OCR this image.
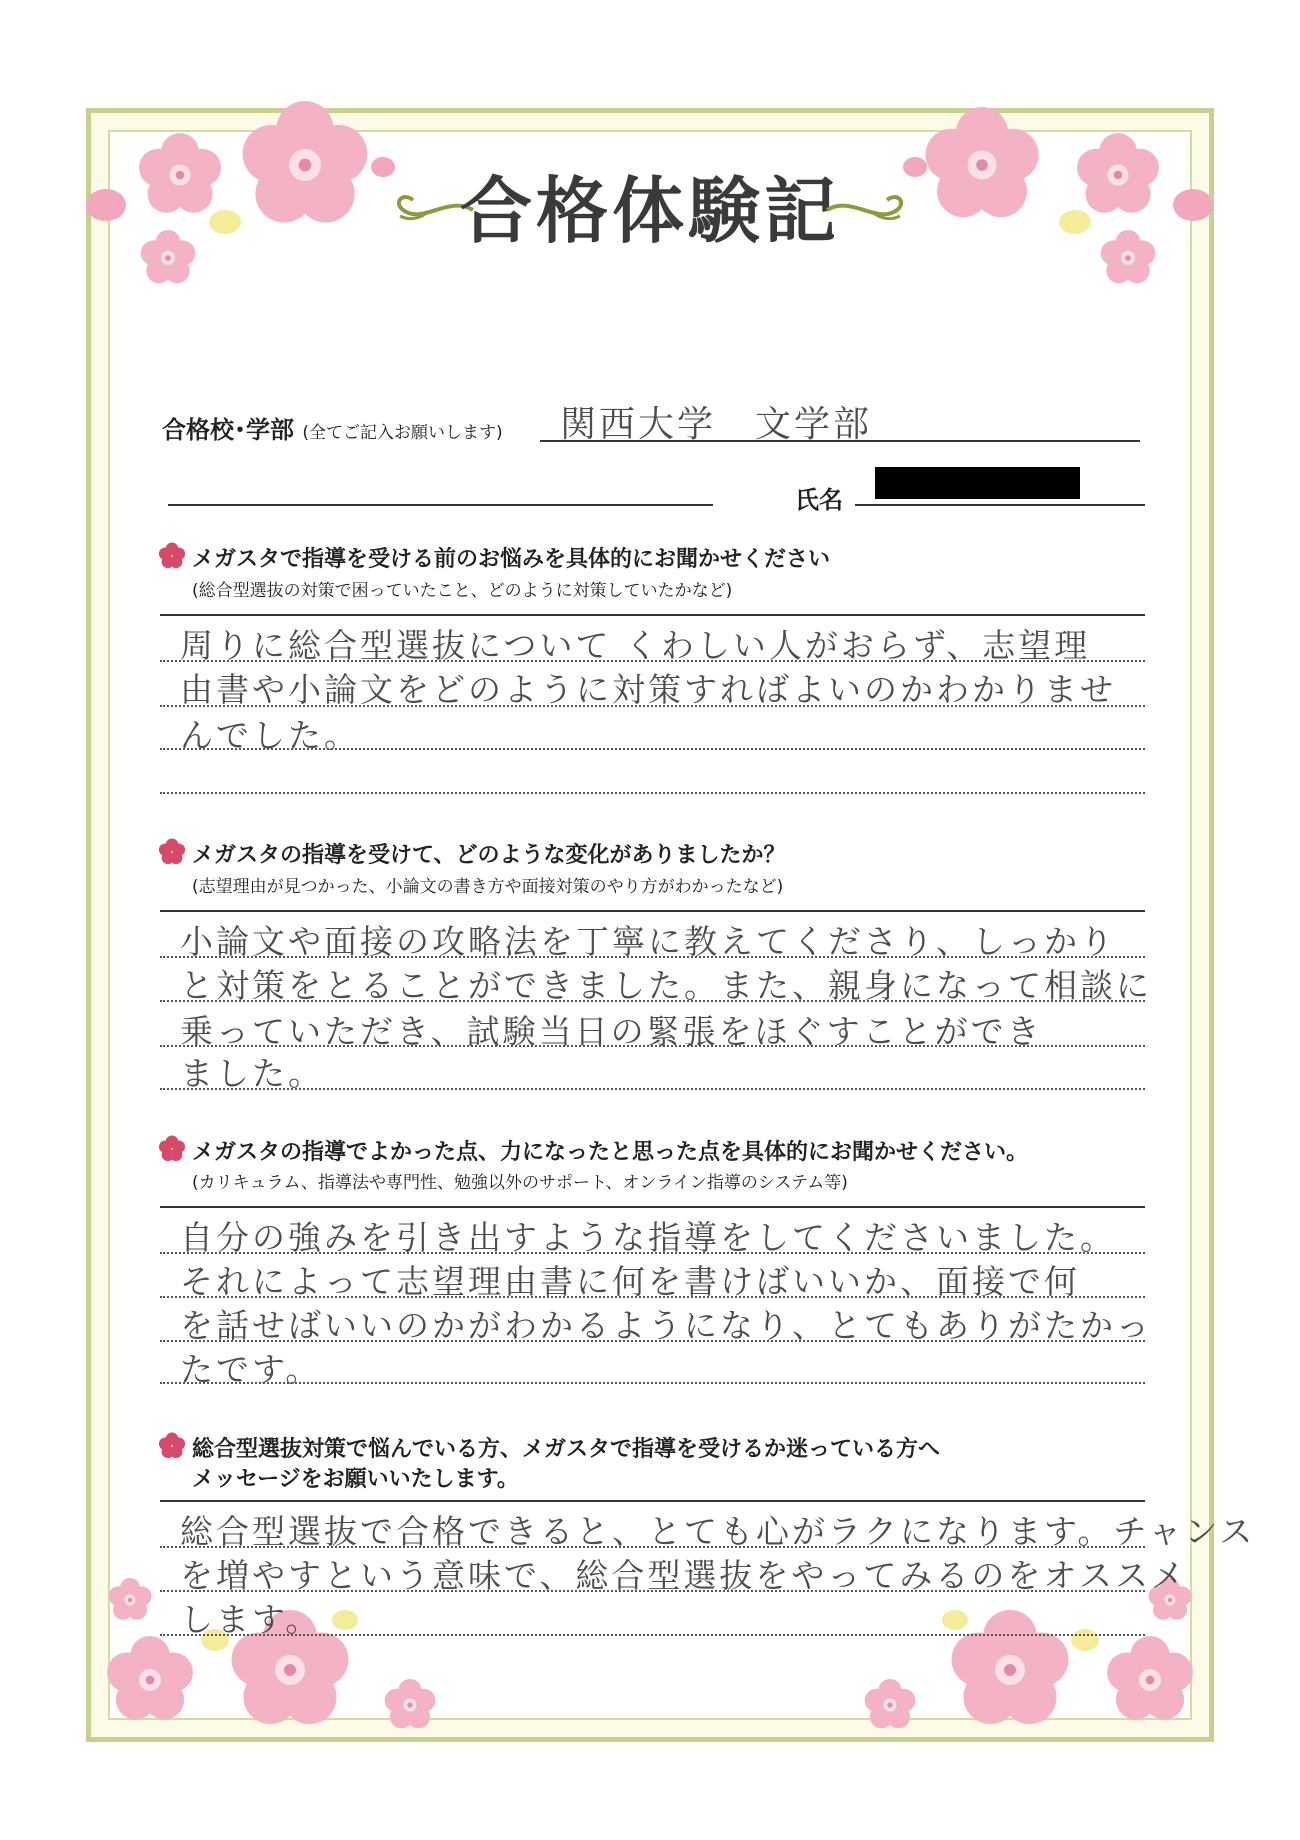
合格体験記
合格校･学部 (全てご記入お願いします) 関西大学　文学部
氏名
メガスタで指導を受ける前のお悩みを具体的にお聞かせください
(総合型選抜の対策で困っていたこと、どのように対策していたかなど)
周りに総合型選抜について くわしい人がおらず、志望理
由書や小論文をどのように対策すればよいのかわかりませ
んでした。
メガスタの指導を受けて、どのような変化がありましたか？
(志望理由が見つかった、小論文の書き方や面接対策のやり方がわかったなど)
小論文や面接の攻略法を丁寧に教えてくださり、しっかり
と対策をとることができました。また、親身になって相談に
乗っていただき、試験当日の緊張をほぐすことができ
ました。
メガスタの指導でよかった点、力になったと思った点を具体的にお聞かせください。
(カリキュラム、指導法や専門性、勉強以外のサポート、オンライン指導のシステム等)
自分の強みを引き出すような指導をしてくださいました。
それによって志望理由書に何を書けばいいか、面接で何
を話せばいいのかがわかるようになり、とてもありがたかっ
たです。
総合型選抜対策で悩んでいる方、メガスタで指導を受けるか迷っている方へ
メッセージをお願いいたします。
総合型選抜で合格できると、とても心がラクになります。チャンス
を増やすという意味で、総合型選抜をやってみるのをオススメ
します。
